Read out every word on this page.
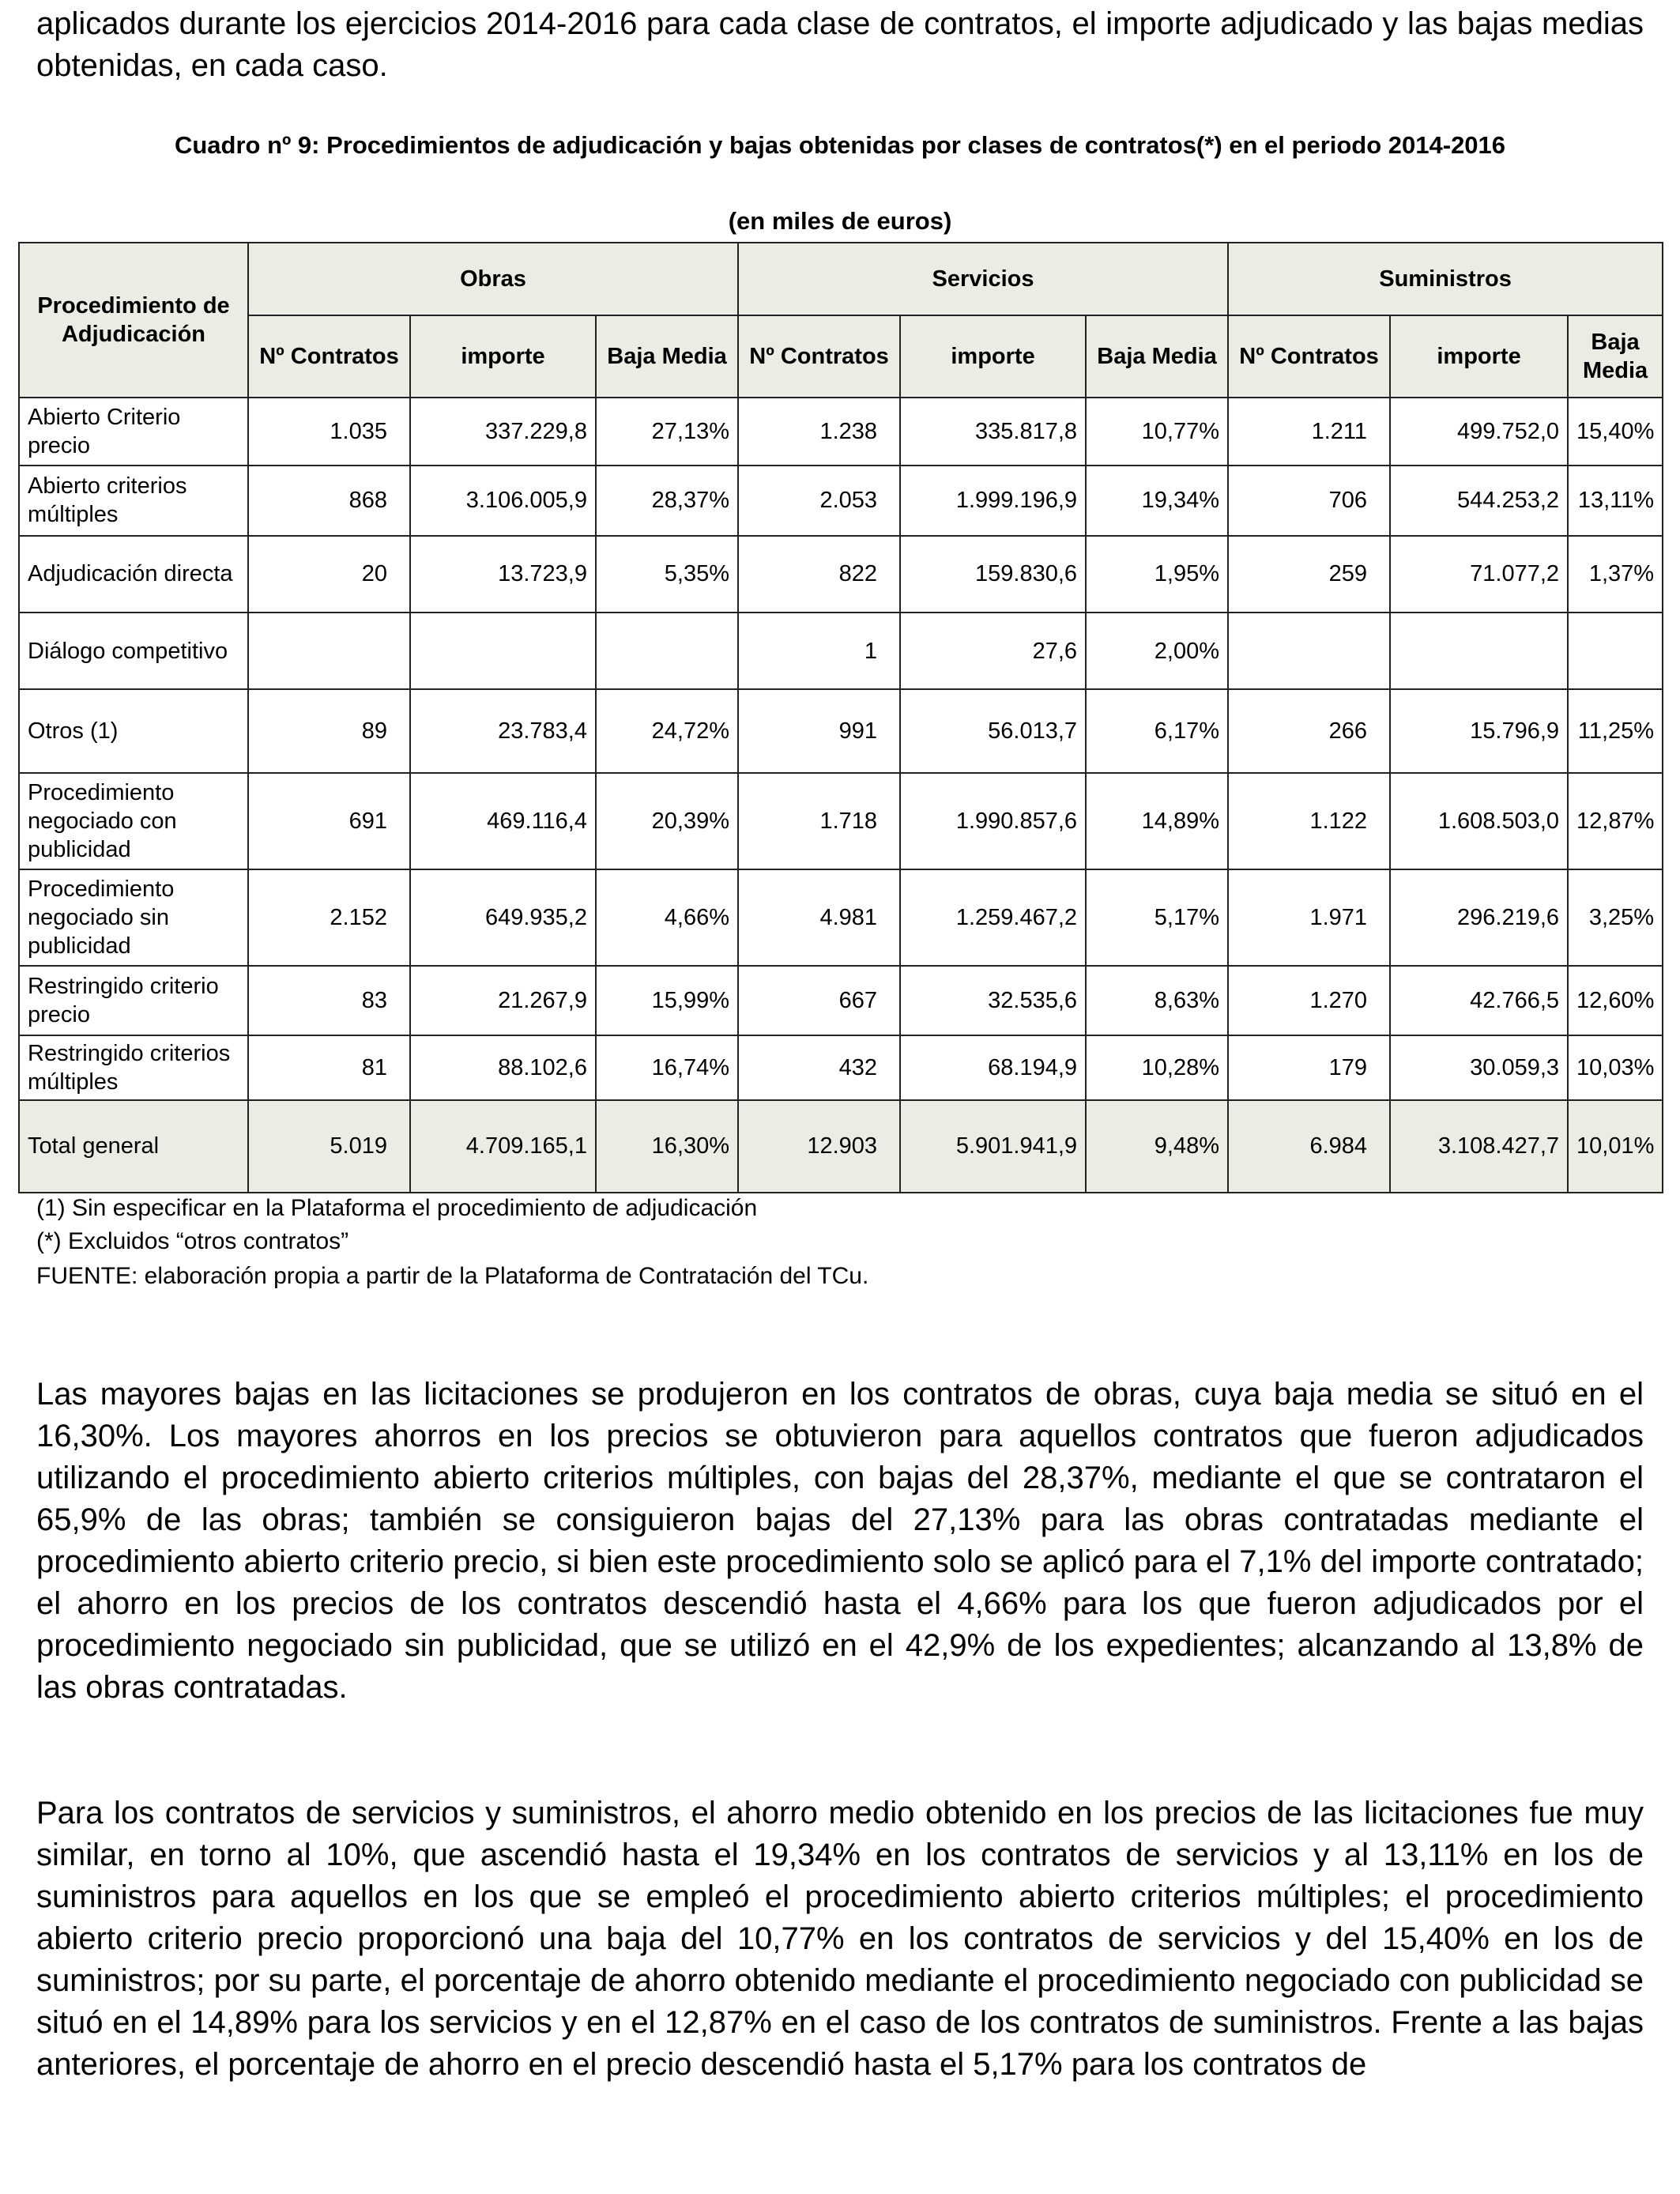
aplicados durante los ejercicios 2014-2016 para cada clase de contratos, el importe adjudicado y las bajas medias obtenidas, en cada caso.

Cuadro nº 9: Procedimientos de adjudicación y bajas obtenidas por clases de contratos(*) en el periodo 2014-2016

(en miles de euros)

Procedimiento de Adjudicación	Obras			Servicios			Suministros		
	Nº Contratos	importe	Baja Media	Nº Contratos	importe	Baja Media	Nº Contratos	importe	Baja Media
Abierto Criterio precio	1.035	337.229,8	27,13%	1.238	335.817,8	10,77%	1.211	499.752,0	15,40%
Abierto criterios múltiples	868	3.106.005,9	28,37%	2.053	1.999.196,9	19,34%	706	544.253,2	13,11%
Adjudicación directa	20	13.723,9	5,35%	822	159.830,6	1,95%	259	71.077,2	1,37%
Diálogo competitivo				1	27,6	2,00%			
Otros (1)	89	23.783,4	24,72%	991	56.013,7	6,17%	266	15.796,9	11,25%
Procedimiento negociado con publicidad	691	469.116,4	20,39%	1.718	1.990.857,6	14,89%	1.122	1.608.503,0	12,87%
Procedimiento negociado sin publicidad	2.152	649.935,2	4,66%	4.981	1.259.467,2	5,17%	1.971	296.219,6	3,25%
Restringido criterio precio	83	21.267,9	15,99%	667	32.535,6	8,63%	1.270	42.766,5	12,60%
Restringido criterios múltiples	81	88.102,6	16,74%	432	68.194,9	10,28%	179	30.059,3	10,03%
Total general	5.019	4.709.165,1	16,30%	12.903	5.901.941,9	9,48%	6.984	3.108.427,7	10,01%

(1) Sin especificar en la Plataforma el procedimiento de adjudicación

(*) Excluidos “otros contratos”

FUENTE: elaboración propia a partir de la Plataforma de Contratación del TCu.

Las mayores bajas en las licitaciones se produjeron en los contratos de obras, cuya baja media se situó en el 16,30%. Los mayores ahorros en los precios se obtuvieron para aquellos contratos que fueron adjudicados utilizando el procedimiento abierto criterios múltiples, con bajas del 28,37%, mediante el que se contrataron el 65,9% de las obras; también se consiguieron bajas del 27,13% para las obras contratadas mediante el procedimiento abierto criterio precio, si bien este procedimiento solo se aplicó para el 7,1% del importe contratado; el ahorro en los precios de los contratos descendió hasta el 4,66% para los que fueron adjudicados por el procedimiento negociado sin publicidad, que se utilizó en el 42,9% de los expedientes; alcanzando al 13,8% de las obras contratadas.

Para los contratos de servicios y suministros, el ahorro medio obtenido en los precios de las licitaciones fue muy similar, en torno al 10%, que ascendió hasta el 19,34% en los contratos de servicios y al 13,11% en los de suministros para aquellos en los que se empleó el procedimiento abierto criterios múltiples; el procedimiento abierto criterio precio proporcionó una baja del 10,77% en los contratos de servicios y del 15,40% en los de suministros; por su parte, el porcentaje de ahorro obtenido mediante el procedimiento negociado con publicidad se situó en el 14,89% para los servicios y en el 12,87% en el caso de los contratos de suministros. Frente a las bajas anteriores, el porcentaje de ahorro en el precio descendió hasta el 5,17% para los contratos de
